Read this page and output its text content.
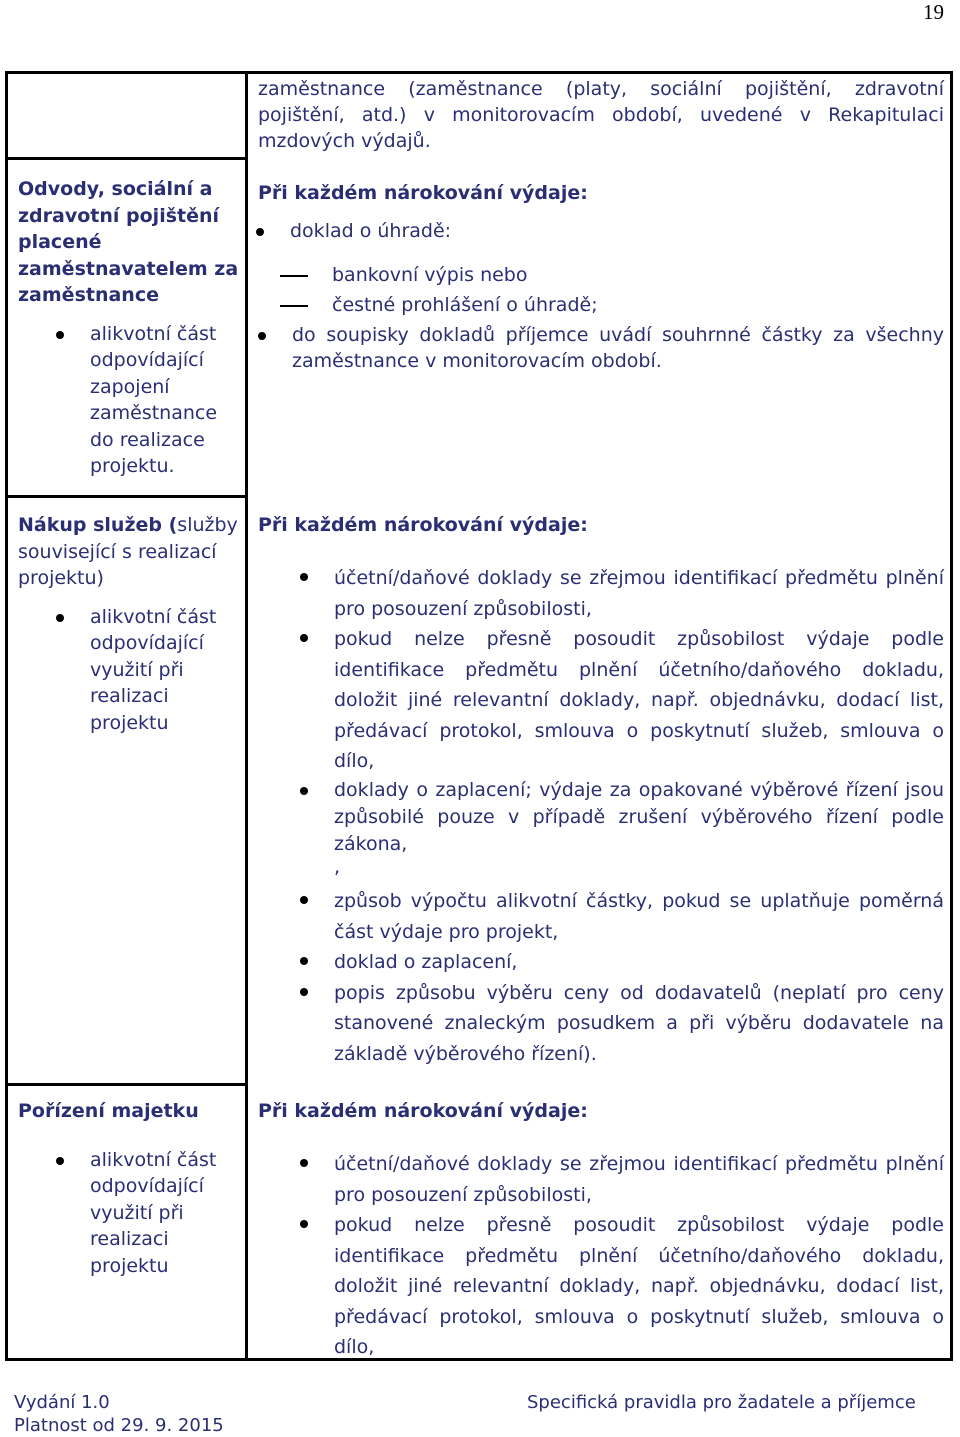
19
zaměstnance (zaměstnance (platy, sociální pojištění, zdravotní pojištění, atd.) v monitorovacím období, uvedené v Rekapitulaci mzdových výdajů.
Odvody, sociální a zdravotní pojištění placené zaměstnavatelem za zaměstnance
alikvotní část odpovídající zapojení zaměstnance do realizace projektu.
Při každém nárokování výdaje:
doklad o úhradě:
bankovní výpis nebo
čestné prohlášení o úhradě;
do soupisky dokladů příjemce uvádí souhrnné částky za všechny zaměstnance v monitorovacím období.
Nákup služeb (služby související s realizací projektu)
alikvotní část odpovídající využití při realizaci projektu
Při každém nárokování výdaje:
účetní/daňové doklady se zřejmou identifikací předmětu plnění pro posouzení způsobilosti,
pokud nelze přesně posoudit způsobilost výdaje podle identifikace předmětu plnění účetního/daňového dokladu, doložit jiné relevantní doklady, např. objednávku, dodací list, předávací protokol, smlouva o poskytnutí služeb, smlouva o dílo,
doklady o zaplacení; výdaje za opakované výběrové řízení jsou způsobilé pouze v případě zrušení výběrového řízení podle zákona,
,
způsob výpočtu alikvotní částky, pokud se uplatňuje poměrná část výdaje pro projekt,
doklad o zaplacení,
popis způsobu výběru ceny od dodavatelů (neplatí pro ceny stanovené znaleckým posudkem a při výběru dodavatele na základě výběrového řízení).
Pořízení majetku
alikvotní část odpovídající využití při realizaci projektu
Při každém nárokování výdaje:
účetní/daňové doklady se zřejmou identifikací předmětu plnění pro posouzení způsobilosti,
pokud nelze přesně posoudit způsobilost výdaje podle identifikace předmětu plnění účetního/daňového dokladu, doložit jiné relevantní doklady, např. objednávku, dodací list, předávací protokol, smlouva o poskytnutí služeb, smlouva o dílo,
Vydání 1.0
Platnost od 29. 9. 2015
Specifická pravidla pro žadatele a příjemce
